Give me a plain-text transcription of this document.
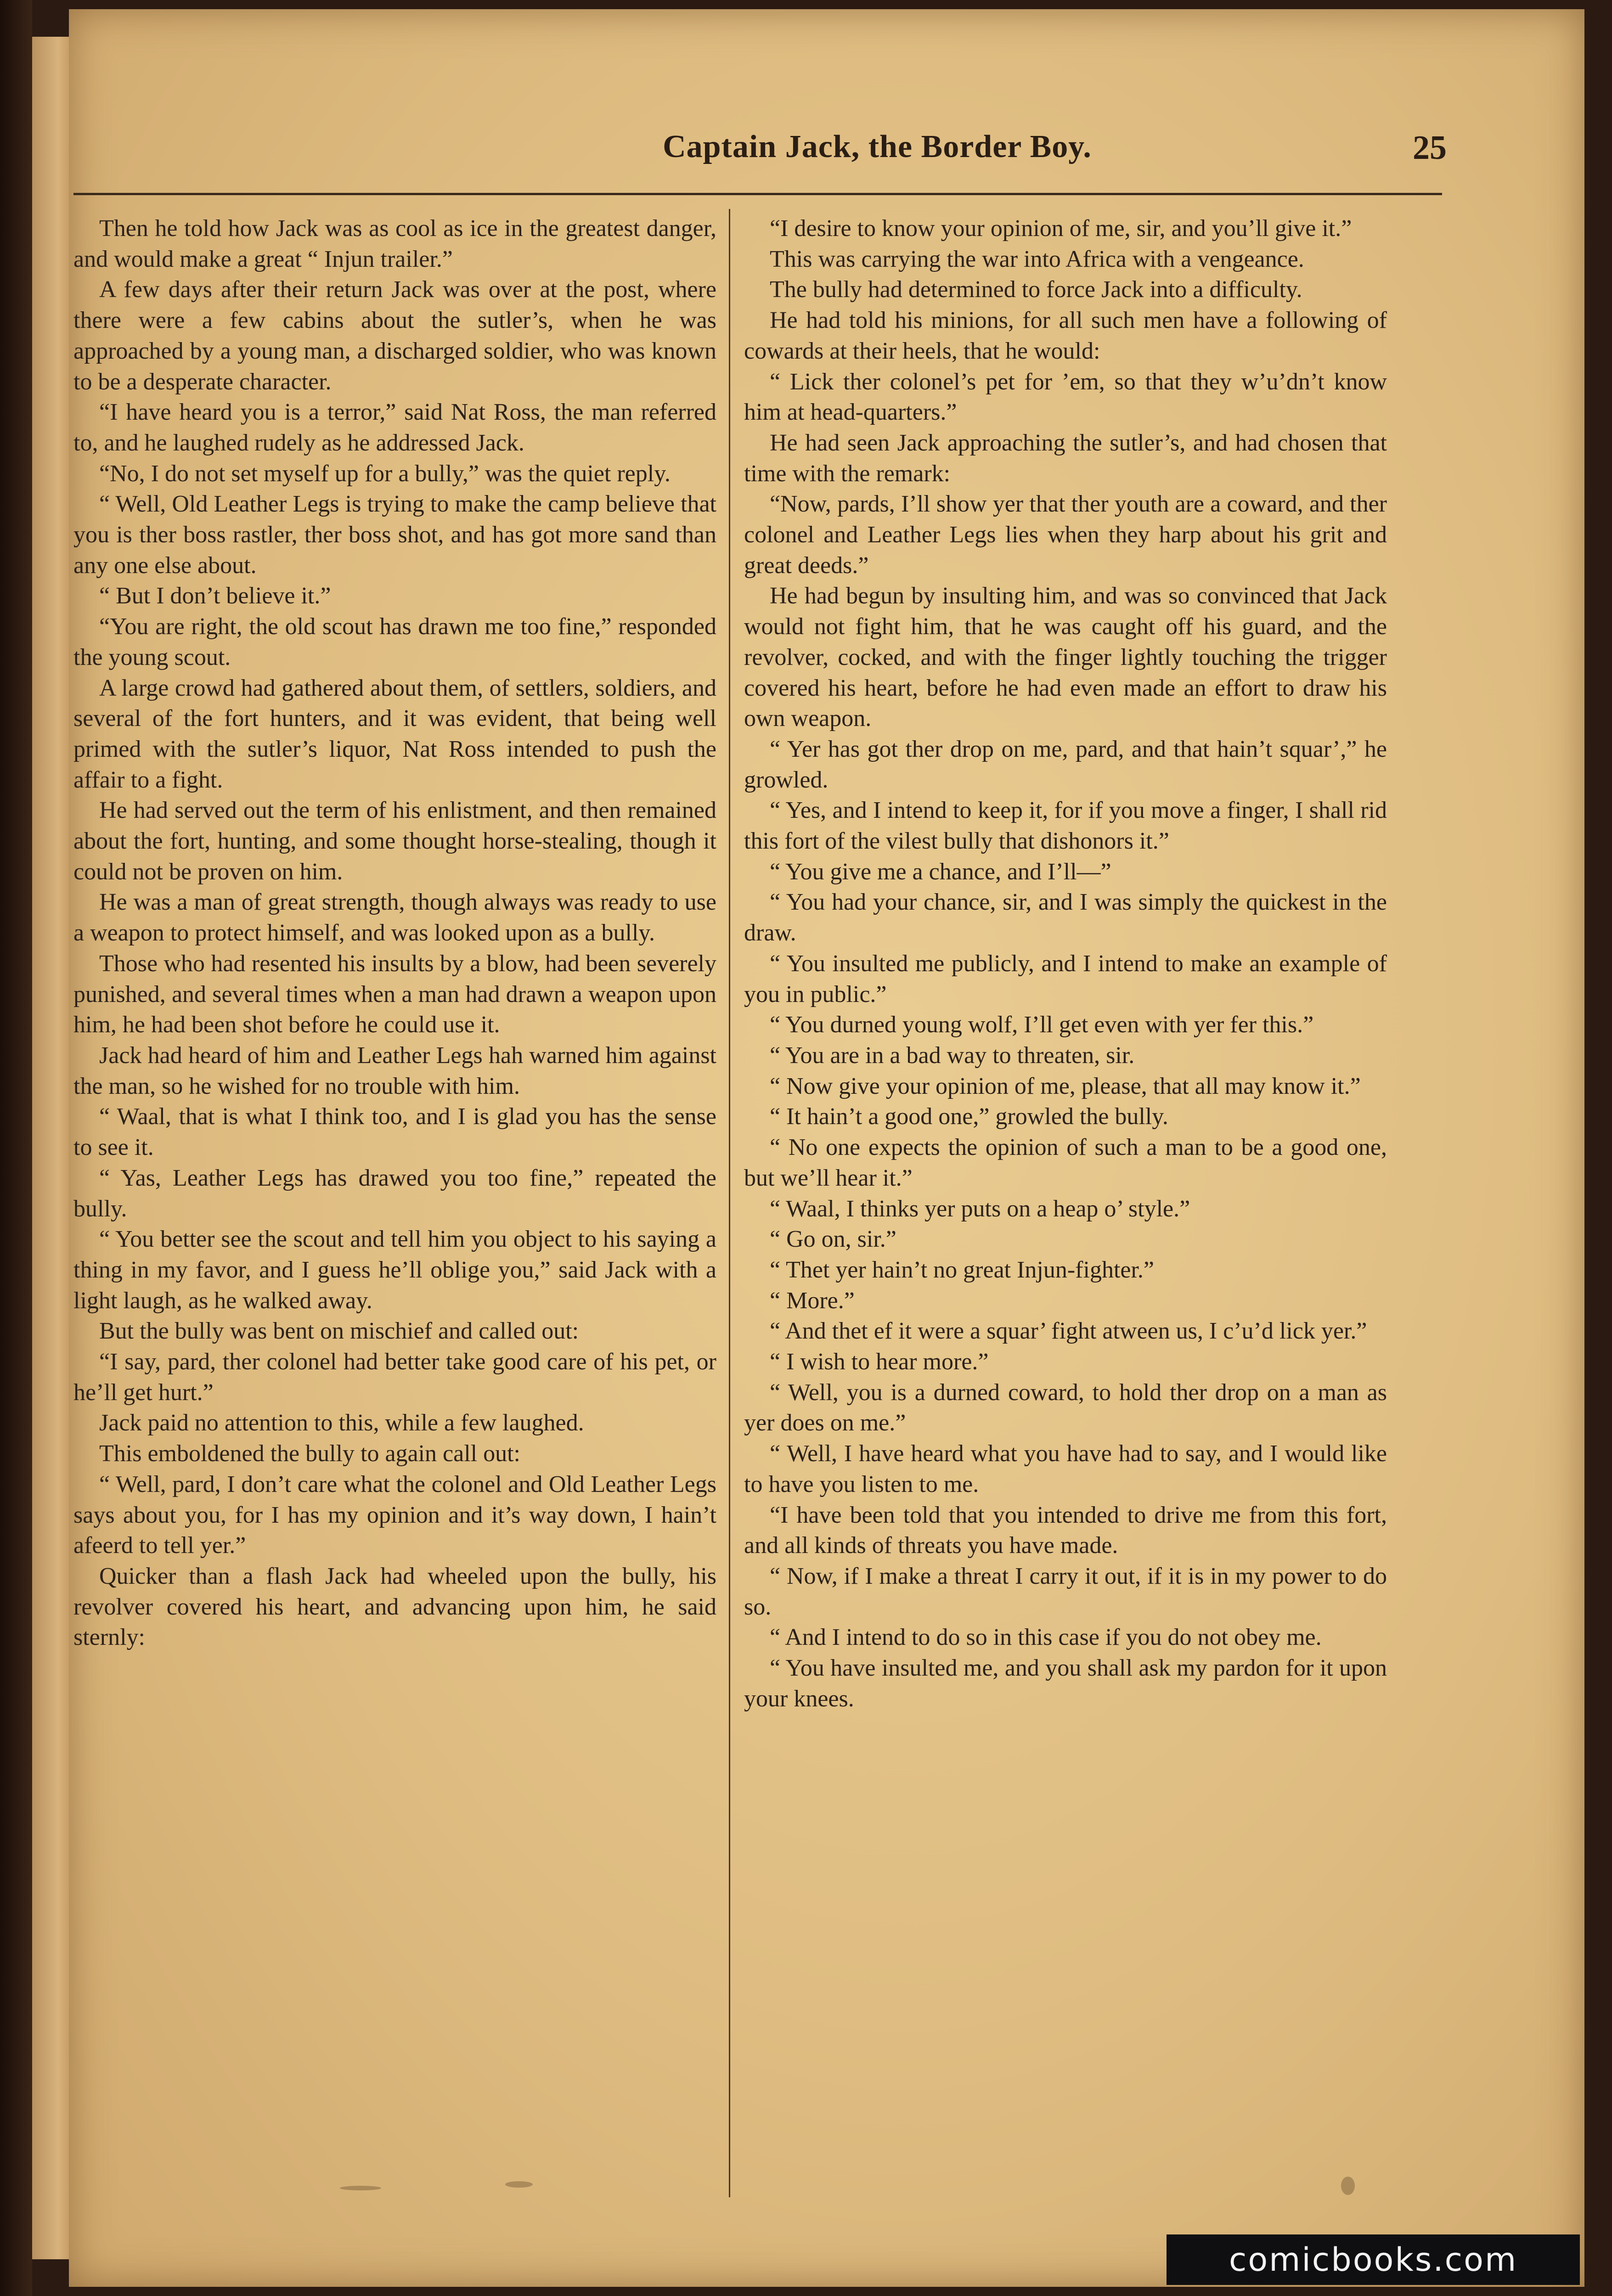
Captain Jack, the Border Boy.	25

Then he told how Jack was as cool as ice in the greatest danger, and would make a great “ Injun trailer.”

A few days after their return Jack was over at the post, where there were a few cabins about the sutler’s, when he was approached by a young man, a discharged soldier, who was known to be a desperate character.

“I have heard you is a terror,” said Nat Ross, the man referred to, and he laughed rudely as he addressed Jack.

“No, I do not set myself up for a bully,” was the quiet reply.

“ Well, Old Leather Legs is trying to make the camp believe that you is ther boss rastler, ther boss shot, and has got more sand than any one else about.

“ But I don’t believe it.”

“You are right, the old scout has drawn me too fine,” responded the young scout.

A large crowd had gathered about them, of settlers, soldiers, and several of the fort hunters, and it was evident, that being well primed with the sutler’s liquor, Nat Ross intended to push the affair to a fight.

He had served out the term of his enlistment, and then remained about the fort, hunting, and some thought horse-stealing, though it could not be proven on him.

He was a man of great strength, though always was ready to use a weapon to protect himself, and was looked upon as a bully.

Those who had resented his insults by a blow, had been severely punished, and several times when a man had drawn a weapon upon him, he had been shot before he could use it.

Jack had heard of him and Leather Legs hah warned him against the man, so he wished for no trouble with him.

“ Waal, that is what I think too, and I is glad you has the sense to see it.

“ Yas, Leather Legs has drawed you too fine,” repeated the bully.

“ You better see the scout and tell him you object to his saying a thing in my favor, and I guess he’ll oblige you,” said Jack with a light laugh, as he walked away.

But the bully was bent on mischief and called out:

“I say, pard, ther colonel had better take good care of his pet, or he’ll get hurt.”

Jack paid no attention to this, while a few laughed.

This emboldened the bully to again call out:

“ Well, pard, I don’t care what the colonel and Old Leather Legs says about you, for I has my opinion and it’s way down, I hain’t afeerd to tell yer.”

Quicker than a flash Jack had wheeled upon the bully, his revolver covered his heart, and advancing upon him, he said sternly:

“I desire to know your opinion of me, sir, and you’ll give it.”

This was carrying the war into Africa with a vengeance.

The bully had determined to force Jack into a difficulty.

He had told his minions, for all such men have a following of cowards at their heels, that he would:

“ Lick ther colonel’s pet for ’em, so that they w’u’dn’t know him at head-quarters.”

He had seen Jack approaching the sutler’s, and had chosen that time with the remark:

“Now, pards, I’ll show yer that ther youth are a coward, and ther colonel and Leather Legs lies when they harp about his grit and great deeds.”

He had begun by insulting him, and was so convinced that Jack would not fight him, that he was caught off his guard, and the revolver, cocked, and with the finger lightly touching the trigger covered his heart, before he had even made an effort to draw his own weapon.

“ Yer has got ther drop on me, pard, and that hain’t squar’,” he growled.

“ Yes, and I intend to keep it, for if you move a finger, I shall rid this fort of the vilest bully that dishonors it.”

“ You give me a chance, and I’ll—”

“ You had your chance, sir, and I was simply the quickest in the draw.

“ You insulted me publicly, and I intend to make an example of you in public.”

“ You durned young wolf, I’ll get even with yer fer this.”

“ You are in a bad way to threaten, sir.

“ Now give your opinion of me, please, that all may know it.”

“ It hain’t a good one,” growled the bully.

“ No one expects the opinion of such a man to be a good one, but we’ll hear it.”

“ Waal, I thinks yer puts on a heap o’ style.”

“ Go on, sir.”

“ Thet yer hain’t no great Injun-fighter.”

“ More.”

“ And thet ef it were a squar’ fight atween us, I c’u’d lick yer.”

“ I wish to hear more.”

“ Well, you is a durned coward, to hold ther drop on a man as yer does on me.”

“ Well, I have heard what you have had to say, and I would like to have you listen to me.

“I have been told that you intended to drive me from this fort, and all kinds of threats you have made.

“ Now, if I make a threat I carry it out, if it is in my power to do so.

“ And I intend to do so in this case if you do not obey me.

“ You have insulted me, and you shall ask my pardon for it upon your knees.

comicbooks.com
